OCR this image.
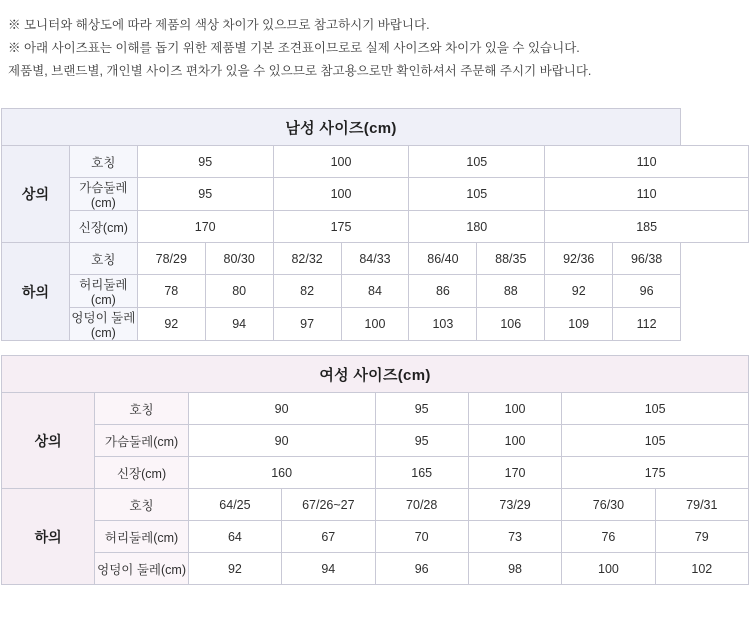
※ 모니터와 해상도에 따라 제품의 색상 차이가 있으므로 참고하시기 바랍니다.
※ 아래 사이즈표는 이해를 돕기 위한 제품별 기본 조견표이므로로 실제 사이즈와 차이가 있을 수 있습니다.
제품별, 브랜드별, 개인별 사이즈 편차가 있을 수 있으므로 참고용으로만 확인하셔서 주문해 주시기 바랍니다.
남성 사이즈(cm)									
상의	호칭	95		100		105		110	
	가슴둘레(cm)	95		100		105		110	
	신장(cm)	170		175		180		185	
하의	호칭	78/29	80/30	82/32	84/33	86/40	88/35	92/36	96/38
	허리둘레(cm)	78	80	82	84	86	88	92	96
	엉덩이 둘레(cm)	92	94	97	100	103	106	109	112
여성 사이즈(cm)							
상의	호칭	90		95	100	105	
	가슴둘레(cm)	90		95	100	105	
	신장(cm)	160		165	170	175	
하의	호칭	64/25	67/26~27	70/28	73/29	76/30	79/31
	허리둘레(cm)	64	67	70	73	76	79
	엉덩이 둘레(cm)	92	94	96	98	100	102
